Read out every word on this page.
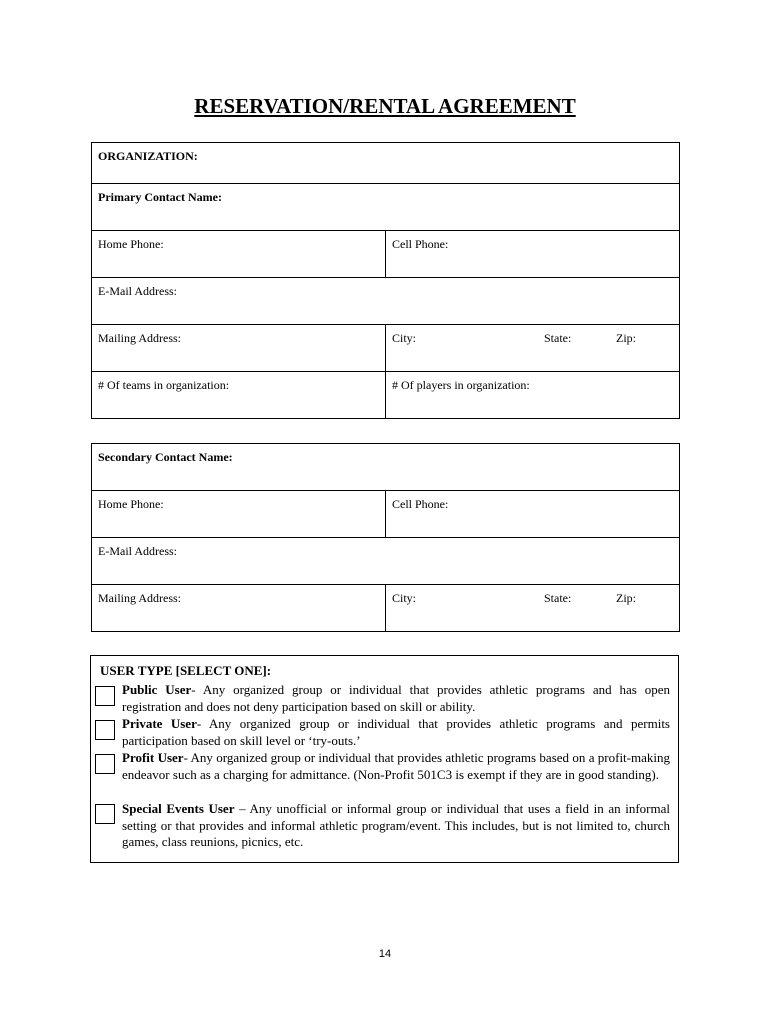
RESERVATION/RENTAL AGREEMENT
ORGANIZATION:	
Primary Contact Name:	
Home Phone:	Cell Phone:
E-Mail Address:	
Mailing Address:	City: State: Zip:

# Of teams in organization:	# Of players in organization:
Secondary Contact Name:	
Home Phone:	Cell Phone:
E-Mail Address:	
Mailing Address:	City: State: Zip:
USER TYPE [SELECT ONE]:
Public User- Any organized group or individual that provides athletic programs and has open registration and does not deny participation based on skill or ability.
Private User- Any organized group or individual that provides athletic programs and permits participation based on skill level or ‘try-outs.’
Profit User- Any organized group or individual that provides athletic programs based on a profit-making endeavor such as a charging for admittance. (Non-Profit 501C3 is exempt if they are in good standing).
Special Events User – Any unofficial or informal group or individual that uses a field in an informal setting or that provides and informal athletic program/event. This includes, but is not limited to, church games, class reunions, picnics, etc.
14
